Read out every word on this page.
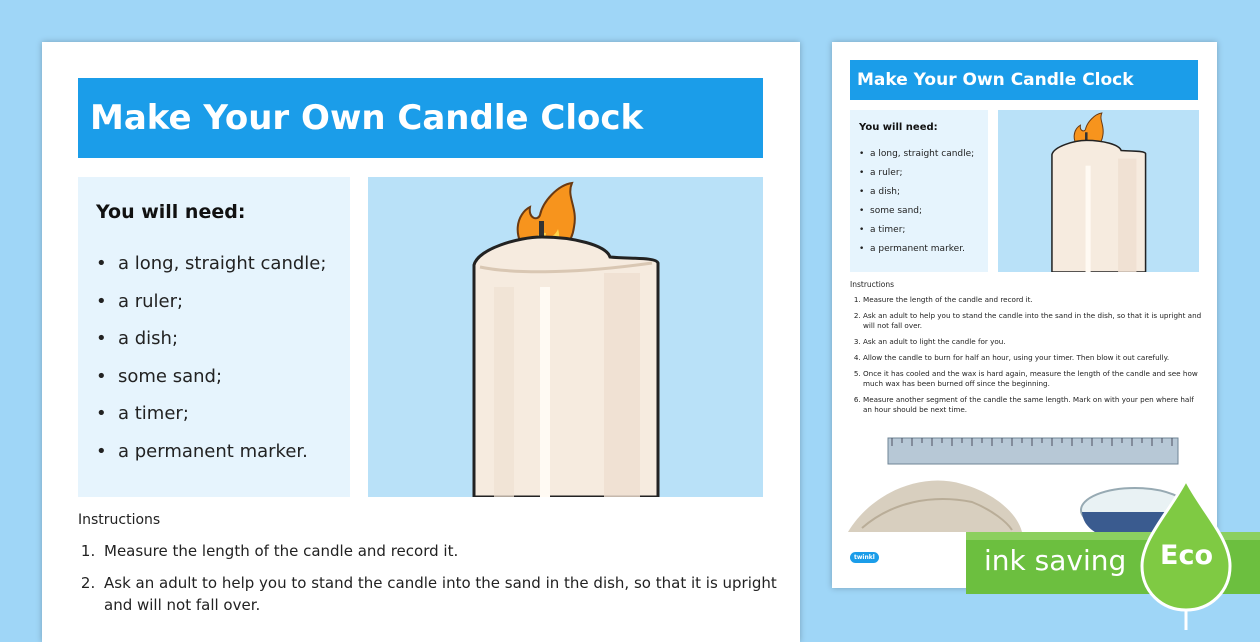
Make Your Own Candle Clock
You will need:
• a long, straight candle;
• a ruler;
• a dish;
• some sand;
• a timer;
• a permanent marker.
Instructions
1. Measure the length of the candle and record it.
2. Ask an adult to help you to stand the candle into the sand in the dish, so that it is upright and will not fall over.
Make Your Own Candle Clock
You will need:
• a long, straight candle;
• a ruler;
• a dish;
• some sand;
• a timer;
• a permanent marker.
Instructions
1. Measure the length of the candle and record it.
2. Ask an adult to help you to stand the candle into the sand in the dish, so that it is upright and will not fall over.
3. Ask an adult to light the candle for you.
4. Allow the candle to burn for half an hour, using your timer. Then blow it out carefully.
5. Once it has cooled and the wax is hard again, measure the length of the candle and see how much wax has been burned off since the beginning.
6. Measure another segment of the candle the same length. Mark on with your pen where half an hour should be next time.
twinkl	ink saving Eco
